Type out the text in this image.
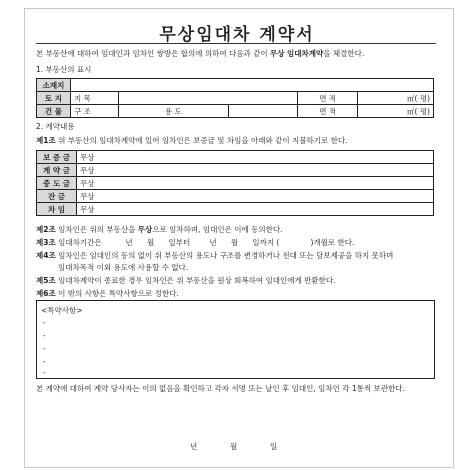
무상임대차 계약서
본 부동산에 대하여 임대인과 임차인 쌍방은 합의에 의하여 다음과 같이 무상 임대차계약을 체결한다.
1. 부동산의 표시
소재지					
토 지	지 목			면 적	㎡( 평)
건 물	구 조	용 도		면 적	㎡( 평)
2. 계약내용
제1조 위 부동산의 임대차계약에 있어 임차인은 보증금 및 차임을 아래와 같이 지불하기로 한다.
보 증 금	무상
계 약 금	무상
중 도 금	무상
잔 금	무상
차 임	무상
제2조 임차인은 위의 부동산을 무상으로 임차하며, 임대인은 이에 동의한다.
제3조 임대차기간은          년      월      일부터        년      월      일까지 (             )개월로 한다.
제4조 임차인은 임대인의 동의 없이 위 부동산의 용도나 구조를 변경하거나 전대 또는 담보제공을 하지 못하며
임대차목적 이외 용도에 사용할 수 없다.
제5조 임대차계약이 종료한 경우 임차인은 위 부동산을 원상 회복하여 임대인에게 반환한다.
제6조 이 밖의 사항은 특약사항으로 정한다.
<특약사항>
-
-
-
-
-
본 계약에 대하여 계약 당사자는 이의 없음을 확인하고 각자 서명 또는 날인 후 임대인, 임차인 각 1통씩 보관한다.
년	월	일
